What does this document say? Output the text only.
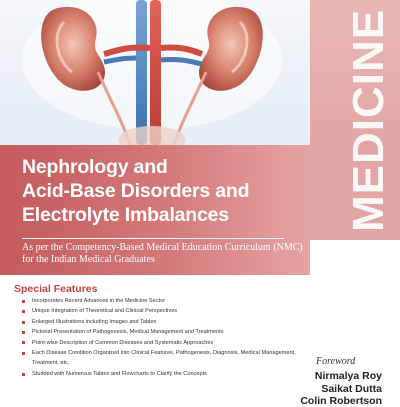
MEDICINE
Nephrology and
Acid-Base Disorders and
Electrolyte Imbalances
As per the Competency-Based Medical Education Curriculum (NMC)
for the Indian Medical Graduates
Special Features
Incorporates Recent Advances in the Medicine Sector
Unique Integration of Theoretical and Clinical Perspectives
Enlarged Illustrations including Images and Tables
Pictorial Presentation of Pathogenesis, Medical Management and Treatments
Point-wise Description of Common Diseases and Systematic Approaches
Each Disease Condition Organized into Clinical Features, Pathogenesis, Diagnosis, Medical Management, Treatment, etc.
Studded with Numerous Tables and Flowcharts to Clarify the Concepts
Foreword
Nirmalya Roy
Saikat Dutta
Colin Robertson
